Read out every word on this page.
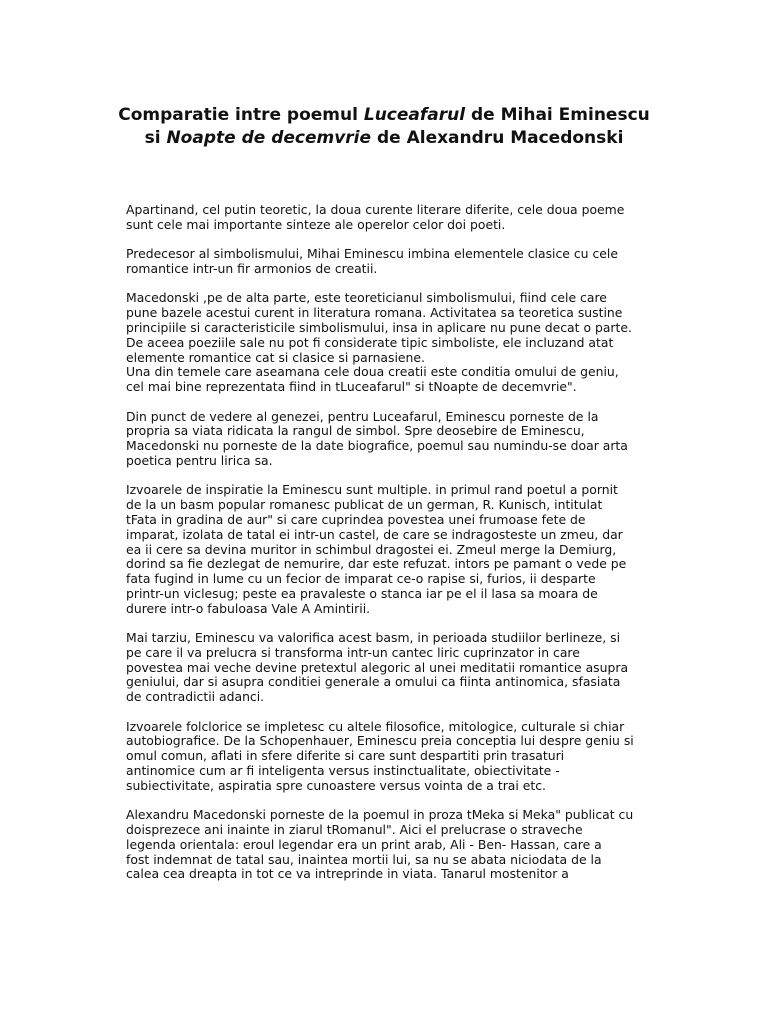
Comparatie intre poemul Luceafarul de Mihai Eminescu
si Noapte de decemvrie de Alexandru Macedonski

Apartinand, cel putin teoretic, la doua curente literare diferite, cele doua poeme
sunt cele mai importante sinteze ale operelor celor doi poeti.

Predecesor al simbolismului, Mihai Eminescu imbina elementele clasice cu cele
romantice intr-un fir armonios de creatii.

Macedonski ,pe de alta parte, este teoreticianul simbolismului, fiind cele care
pune bazele acestui curent in literatura romana. Activitatea sa teoretica sustine
principiile si caracteristicile simbolismului, insa in aplicare nu pune decat o parte.
De aceea poeziile sale nu pot fi considerate tipic simboliste, ele incluzand atat
elemente romantice cat si clasice si parnasiene.
Una din temele care aseamana cele doua creatii este conditia omului de geniu,
cel mai bine reprezentata fiind in tLuceafarul" si tNoapte de decemvrie".

Din punct de vedere al genezei, pentru Luceafarul, Eminescu porneste de la
propria sa viata ridicata la rangul de simbol. Spre deosebire de Eminescu,
Macedonski nu porneste de la date biografice, poemul sau numindu-se doar arta
poetica pentru lirica sa.

Izvoarele de inspiratie la Eminescu sunt multiple. in primul rand poetul a pornit
de la un basm popular romanesc publicat de un german, R. Kunisch, intitulat
tFata in gradina de aur" si care cuprindea povestea unei frumoase fete de
imparat, izolata de tatal ei intr-un castel, de care se indragosteste un zmeu, dar
ea ii cere sa devina muritor in schimbul dragostei ei. Zmeul merge la Demiurg,
dorind sa fie dezlegat de nemurire, dar este refuzat. intors pe pamant o vede pe
fata fugind in lume cu un fecior de imparat ce-o rapise si, furios, ii desparte
printr-un viclesug; peste ea pravaleste o stanca iar pe el il lasa sa moara de
durere intr-o fabuloasa Vale A Amintirii.

Mai tarziu, Eminescu va valorifica acest basm, in perioada studiilor berlineze, si
pe care il va prelucra si transforma intr-un cantec liric cuprinzator in care
povestea mai veche devine pretextul alegoric al unei meditatii romantice asupra
geniului, dar si asupra conditiei generale a omului ca fiinta antinomica, sfasiata
de contradictii adanci.

Izvoarele folclorice se impletesc cu altele filosofice, mitologice, culturale si chiar
autobiografice. De la Schopenhauer, Eminescu preia conceptia lui despre geniu si
omul comun, aflati in sfere diferite si care sunt despartiti prin trasaturi
antinomice cum ar fi inteligenta versus instinctualitate, obiectivitate -
subiectivitate, aspiratia spre cunoastere versus vointa de a trai etc.

Alexandru Macedonski porneste de la poemul in proza tMeka si Meka" publicat cu
doisprezece ani inainte in ziarul tRomanul". Aici el prelucrase o straveche
legenda orientala: eroul legendar era un print arab, Ali - Ben- Hassan, care a
fost indemnat de tatal sau, inaintea mortii lui, sa nu se abata niciodata de la
calea cea dreapta in tot ce va intreprinde in viata. Tanarul mostenitor a
